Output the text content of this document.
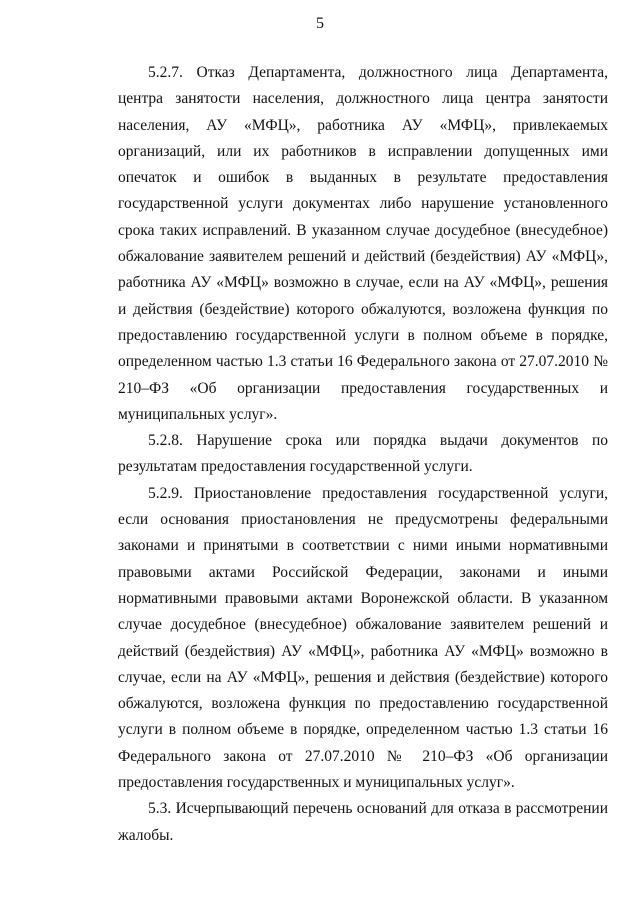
5

5.2.7. Отказ Департамента, должностного лица Департамента, центра занятости населения, должностного лица центра занятости населения, АУ «МФЦ», работника АУ «МФЦ», привлекаемых организаций, или их работников в исправлении допущенных ими опечаток и ошибок в выданных в результате предоставления государственной услуги документах либо нарушение установленного срока таких исправлений. В указанном случае досудебное (внесудебное) обжалование заявителем решений и действий (бездействия) АУ «МФЦ», работника АУ «МФЦ» возможно в случае, если на АУ «МФЦ», решения и действия (бездействие) которого обжалуются, возложена функция по предоставлению государственной услуги в полном объеме в порядке, определенном частью 1.3 статьи 16 Федерального закона от 27.07.2010 № 210–ФЗ «Об организации предоставления государственных и муниципальных услуг».

5.2.8. Нарушение срока или порядка выдачи документов по результатам предоставления государственной услуги.

5.2.9. Приостановление предоставления государственной услуги, если основания приостановления не предусмотрены федеральными законами и принятыми в соответствии с ними иными нормативными правовыми актами Российской Федерации, законами и иными нормативными правовыми актами Воронежской области. В указанном случае досудебное (внесудебное) обжалование заявителем решений и действий (бездействия) АУ «МФЦ», работника АУ «МФЦ» возможно в случае, если на АУ «МФЦ», решения и действия (бездействие) которого обжалуются, возложена функция по предоставлению государственной услуги в полном объеме в порядке, определенном частью 1.3 статьи 16 Федерального закона от 27.07.2010 № 210–ФЗ «Об организации предоставления государственных и муниципальных услуг».

5.3. Исчерпывающий перечень оснований для отказа в рассмотрении жалобы.
